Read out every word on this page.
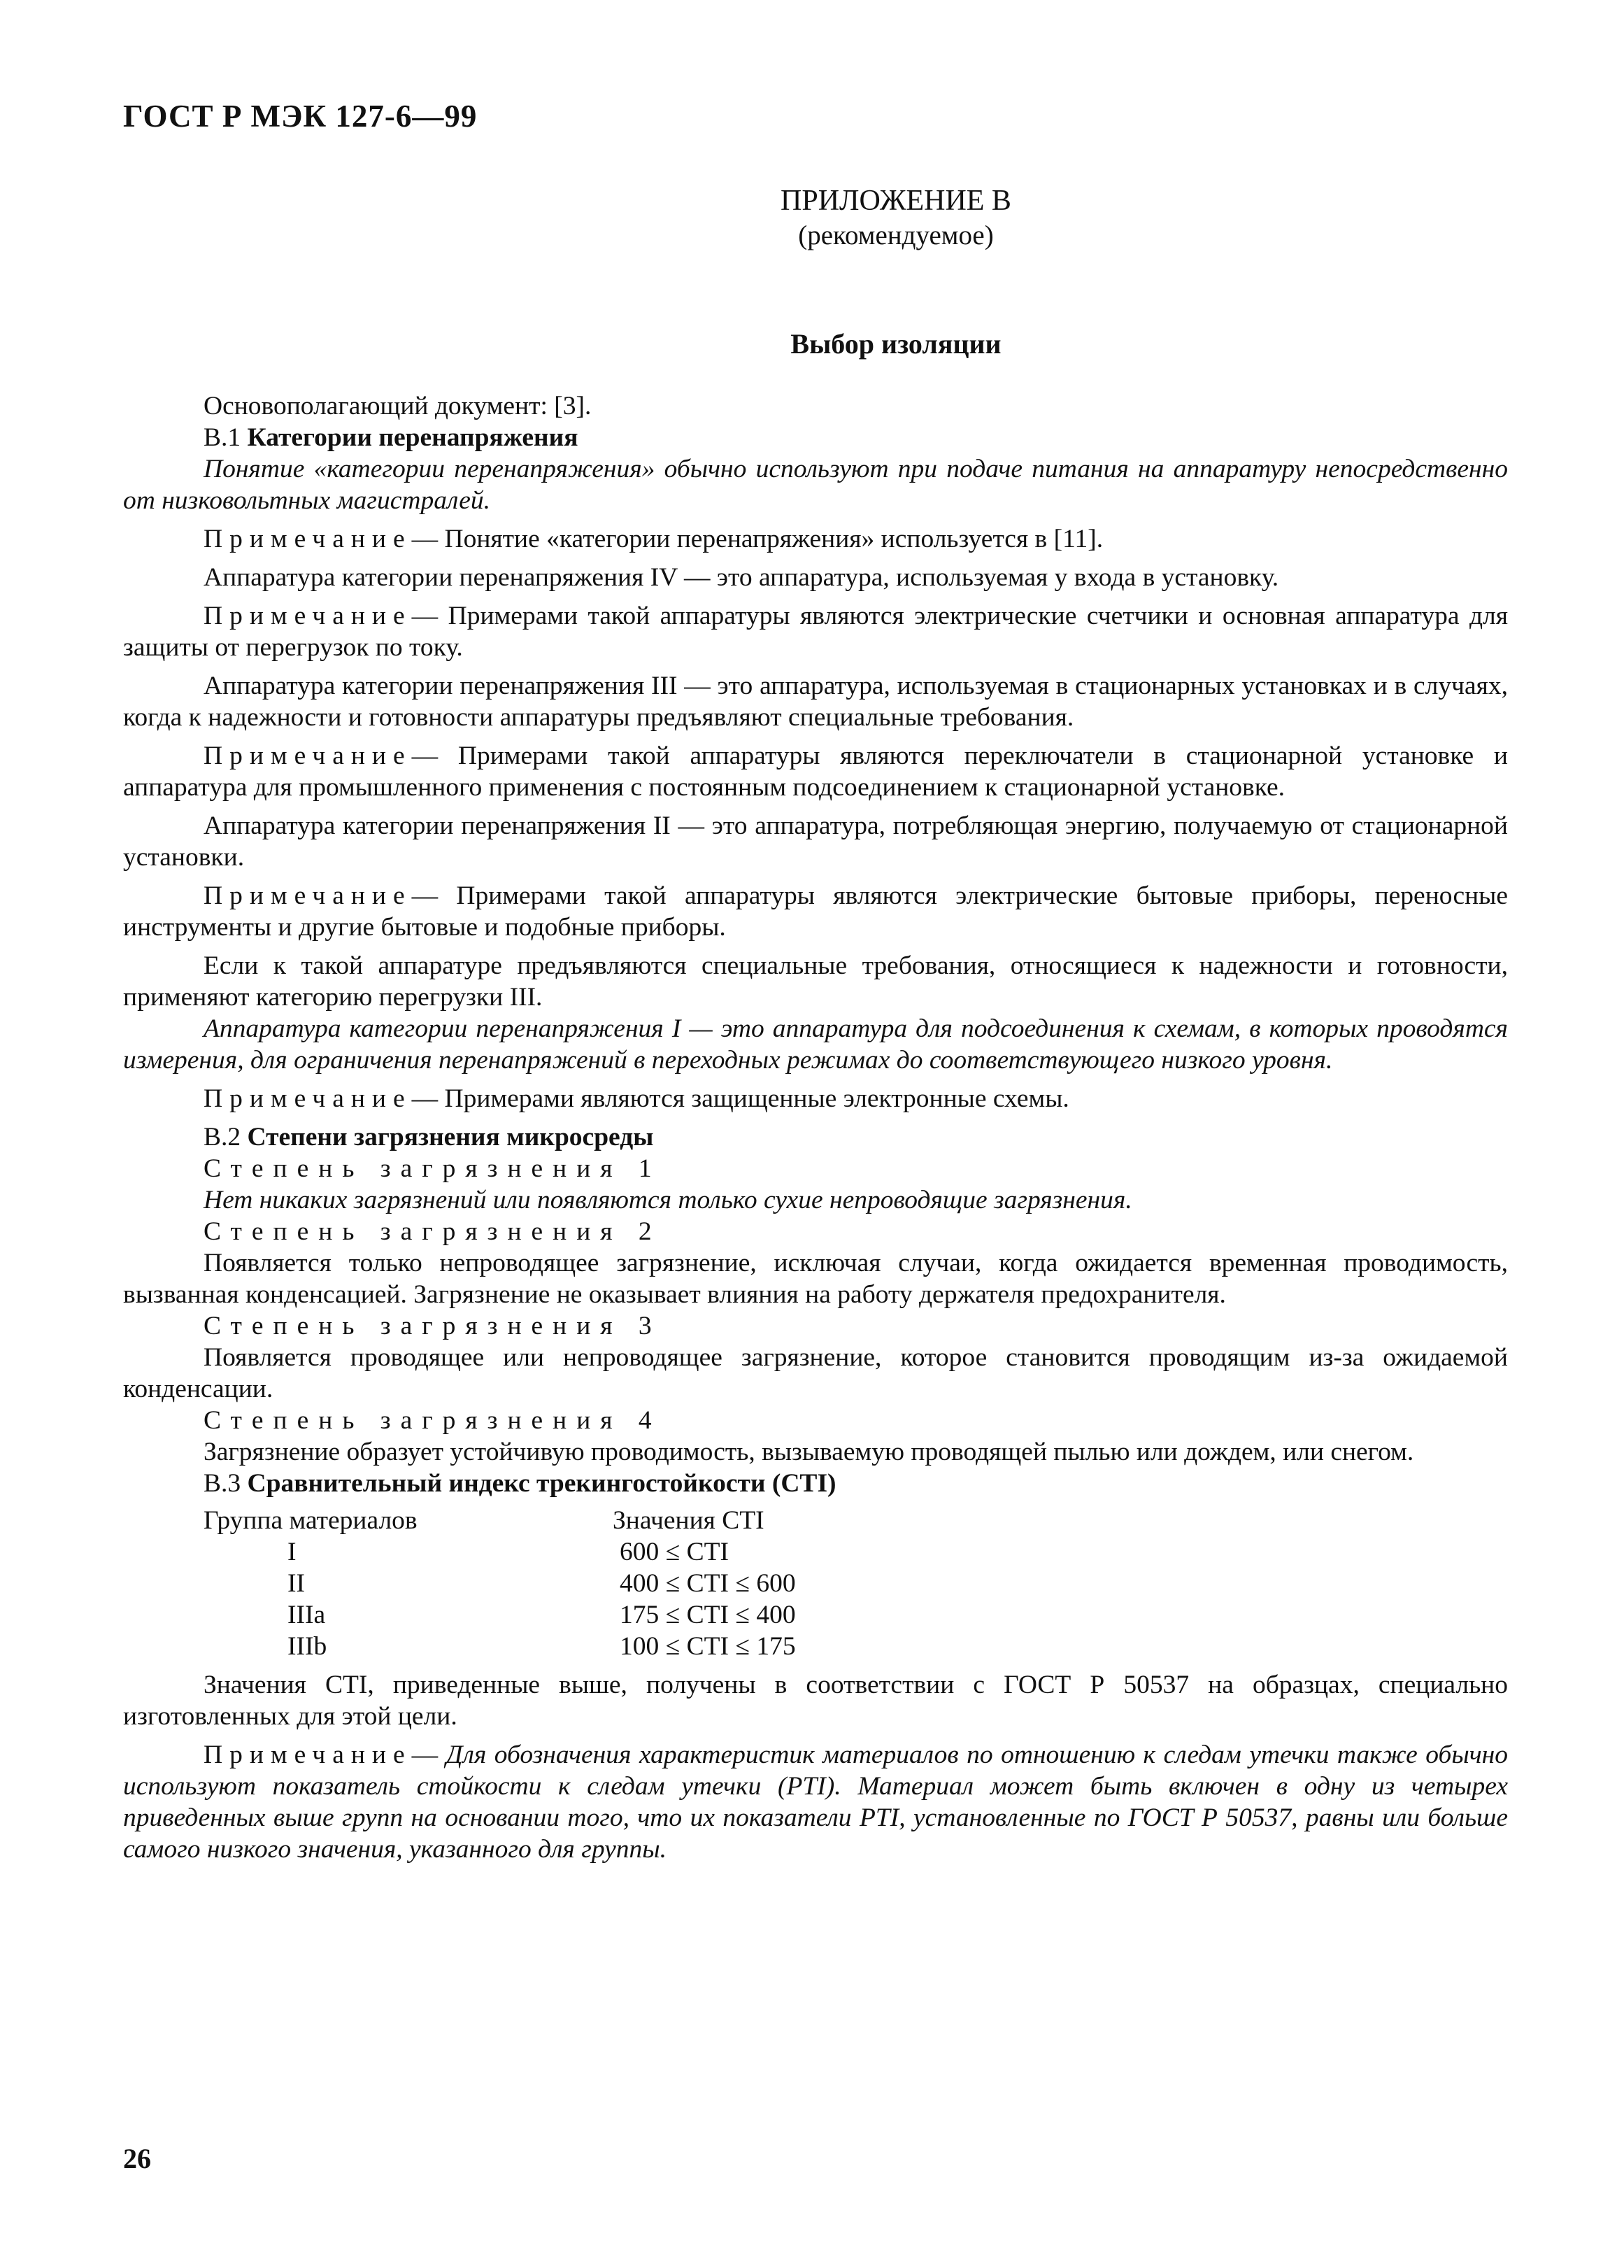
ГОСТ Р МЭК 127-6—99
ПРИЛОЖЕНИЕ В
(рекомендуемое)
Выбор изоляции

Основополагающий документ: [3].

В.1 Категории перенапряжения

Понятие «категории перенапряжения» обычно используют при подаче питания на аппаратуру непосредственно от низковольтных магистралей.

Примечание— Понятие «категории перенапряжения» используется в [11].

Аппаратура категории перенапряжения IV — это аппаратура, используемая у входа в установку.

Примечание— Примерами такой аппаратуры являются электрические счетчики и основная аппаратура для защиты от перегрузок по току.

Аппаратура категории перенапряжения III — это аппаратура, используемая в стационарных установках и в случаях, когда к надежности и готовности аппаратуры предъявляют специальные требования.

Примечание— Примерами такой аппаратуры являются переключатели в стационарной установке и аппаратура для промышленного применения с постоянным подсоединением к стационарной установке.

Аппаратура категории перенапряжения II — это аппаратура, потребляющая энергию, получаемую от стационарной установки.

Примечание— Примерами такой аппаратуры являются электрические бытовые приборы, переносные инструменты и другие бытовые и подобные приборы.

Если к такой аппаратуре предъявляются специальные требования, относящиеся к надежности и готовности, применяют категорию перегрузки III.

Аппаратура категории перенапряжения I — это аппаратура для подсоединения к схемам, в которых проводятся измерения, для ограничения перенапряжений в переходных режимах до соответствующего низкого уровня.

Примечание— Примерами являются защищенные электронные схемы.

В.2 Степени загрязнения микросреды

Степень загрязнения 1

Нет никаких загрязнений или появляются только сухие непроводящие загрязнения.

Степень загрязнения 2

Появляется только непроводящее загрязнение, исключая случаи, когда ожидается временная проводимость, вызванная конденсацией. Загрязнение не оказывает влияния на работу держателя предохранителя.

Степень загрязнения 3

Появляется проводящее или непроводящее загрязнение, которое становится проводящим из-за ожидаемой конденсации.

Степень загрязнения 4

Загрязнение образует устойчивую проводимость, вызываемую проводящей пылью или дождем, или снегом.

В.3 Сравнительный индекс трекингостойкости (CTI)

Группа материалов	Значения CTI
I	600 ≤ CTI
II	400 ≤ CTI ≤ 600
IIIa	175 ≤ CTI ≤ 400
IIIb	100 ≤ CTI ≤ 175

Значения CTI, приведенные выше, получены в соответствии с ГОСТ Р 50537 на образцах, специально изготовленных для этой цели.

Примечание— Для обозначения характеристик материалов по отношению к следам утечки также обычно используют показатель стойкости к следам утечки (PTI). Материал может быть включен в одну из четырех приведенных выше групп на основании того, что их показатели PTI, установленные по ГОСТ Р 50537, равны или больше самого низкого значения, указанного для группы.

26
